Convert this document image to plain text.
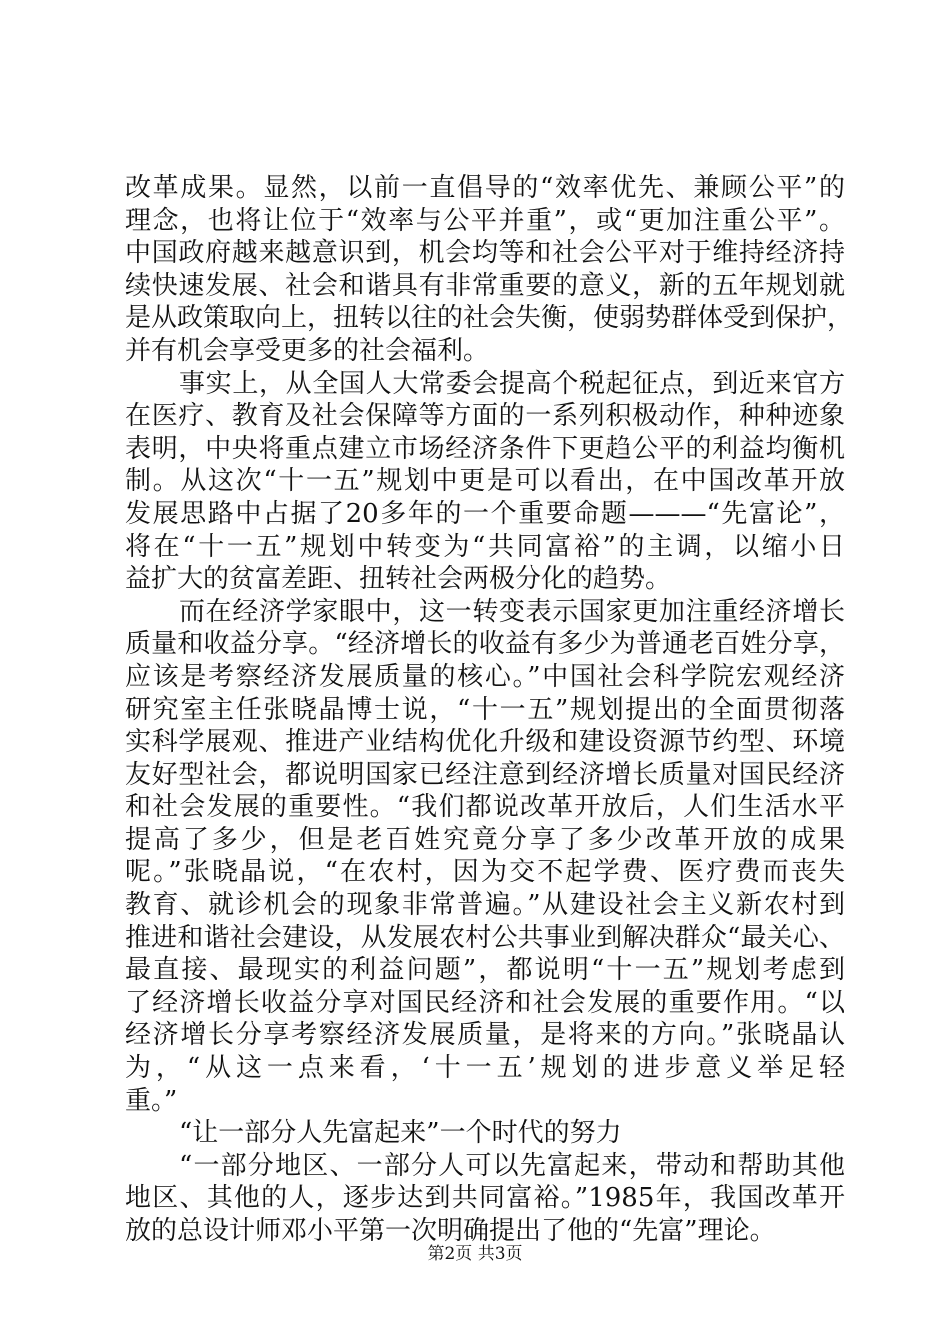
改革成果。显然，以前一直倡导的“效率优先、兼顾公平”的
理念，也将让位于“效率与公平并重”，或“更加注重公平”。
中国政府越来越意识到，机会均等和社会公平对于维持经济持
续快速发展、社会和谐具有非常重要的意义，新的五年规划就
是从政策取向上，扭转以往的社会失衡，使弱势群体受到保护，
并有机会享受更多的社会福利。
事实上，从全国人大常委会提高个税起征点，到近来官方
在医疗、教育及社会保障等方面的一系列积极动作，种种迹象
表明，中央将重点建立市场经济条件下更趋公平的利益均衡机
制。从这次“十一五”规划中更是可以看出，在中国改革开放
发展思路中占据了20多年的一个重要命题———“先富论”，
将在“十一五”规划中转变为“共同富裕”的主调，以缩小日
益扩大的贫富差距、扭转社会两极分化的趋势。
而在经济学家眼中，这一转变表示国家更加注重经济增长
质量和收益分享。“经济增长的收益有多少为普通老百姓分享，
应该是考察经济发展质量的核心。”中国社会科学院宏观经济
研究室主任张晓晶博士说，“十一五”规划提出的全面贯彻落
实科学展观、推进产业结构优化升级和建设资源节约型、环境
友好型社会，都说明国家已经注意到经济增长质量对国民经济
和社会发展的重要性。“我们都说改革开放后，人们生活水平
提高了多少，但是老百姓究竟分享了多少改革开放的成果
呢。”张晓晶说，“在农村，因为交不起学费、医疗费而丧失
教育、就诊机会的现象非常普遍。”从建设社会主义新农村到
推进和谐社会建设，从发展农村公共事业到解决群众“最关心、
最直接、最现实的利益问题”，都说明“十一五”规划考虑到
了经济增长收益分享对国民经济和社会发展的重要作用。“以
经济增长分享考察经济发展质量，是将来的方向。”张晓晶认
为，“从这一点来看，‘十一五’规划的进步意义举足轻
重。”
“让一部分人先富起来”一个时代的努力
“一部分地区、一部分人可以先富起来，带动和帮助其他
地区、其他的人，逐步达到共同富裕。”1985年，我国改革开
放的总设计师邓小平第一次明确提出了他的“先富”理论。
第2页 共3页
